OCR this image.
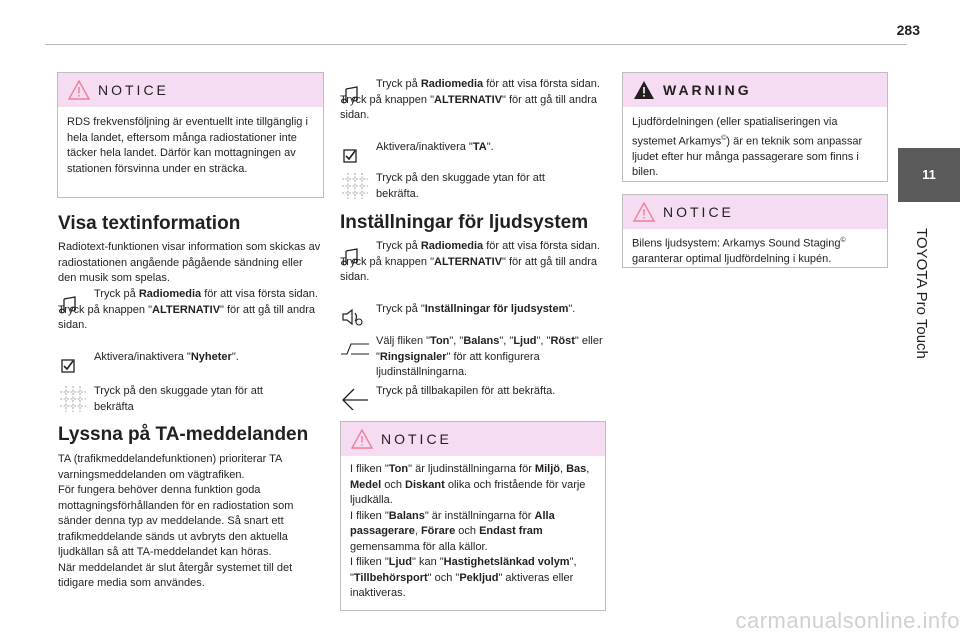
283
11
TOYOTA Pro Touch
NOTICE
RDS frekvensföljning är eventuellt inte tillgänglig i hela landet, eftersom många radiostationer inte täcker hela landet. Därför kan mottagningen av stationen försvinna under en sträcka.
Visa textinformation
Radiotext-funktionen visar information som skickas av radiostationen angående pågående sändning eller den musik som spelas.
Tryck på Radiomedia för att visa första sidan.
Tryck på knappen "ALTERNATIV" för att gå till andra sidan.
Aktivera/inaktivera "Nyheter".
Tryck på den skuggade ytan för att bekräfta
Lyssna på TA-meddelanden
TA (trafikmeddelandefunktionen) prioriterar TA varningsmeddelanden om vägtrafiken.
För fungera behöver denna funktion goda mottagningsförhållanden för en radiostation som sänder denna typ av meddelande. Så snart ett trafikmeddelande sänds ut avbryts den aktuella ljudkällan så att TA-meddelandet kan höras.
När meddelandet är slut återgår systemet till det tidigare media som användes.
Tryck på Radiomedia för att visa första sidan.
Tryck på knappen "ALTERNATIV" för att gå till andra sidan.
Aktivera/inaktivera "TA".
Tryck på den skuggade ytan för att bekräfta.
Inställningar för ljudsystem
Tryck på Radiomedia för att visa första sidan.
Tryck på knappen "ALTERNATIV" för att gå till andra sidan.
Tryck på "Inställningar för ljudsystem".
Välj fliken "Ton", "Balans", "Ljud", "Röst" eller "Ringsignaler" för att konfigurera ljudinställningarna.
Tryck på tillbakapilen för att bekräfta.
NOTICE
I fliken "Ton" är ljudinställningarna för Miljö, Bas, Medel och Diskant olika och fristående för varje ljudkälla.
I fliken "Balans" är inställningarna för Alla passagerare, Förare och Endast fram gemensamma för alla källor.
I fliken "Ljud" kan "Hastighetslänkad volym", "Tillbehörsport" och "Pekljud" aktiveras eller inaktiveras.
WARNING
Ljudfördelningen (eller spatialiseringen via systemet Arkamys©) är en teknik som anpassar ljudet efter hur många passagerare som finns i bilen.
NOTICE
Bilens ljudsystem: Arkamys Sound Staging© garanterar optimal ljudfördelning i kupén.
carmanualsonline.info
